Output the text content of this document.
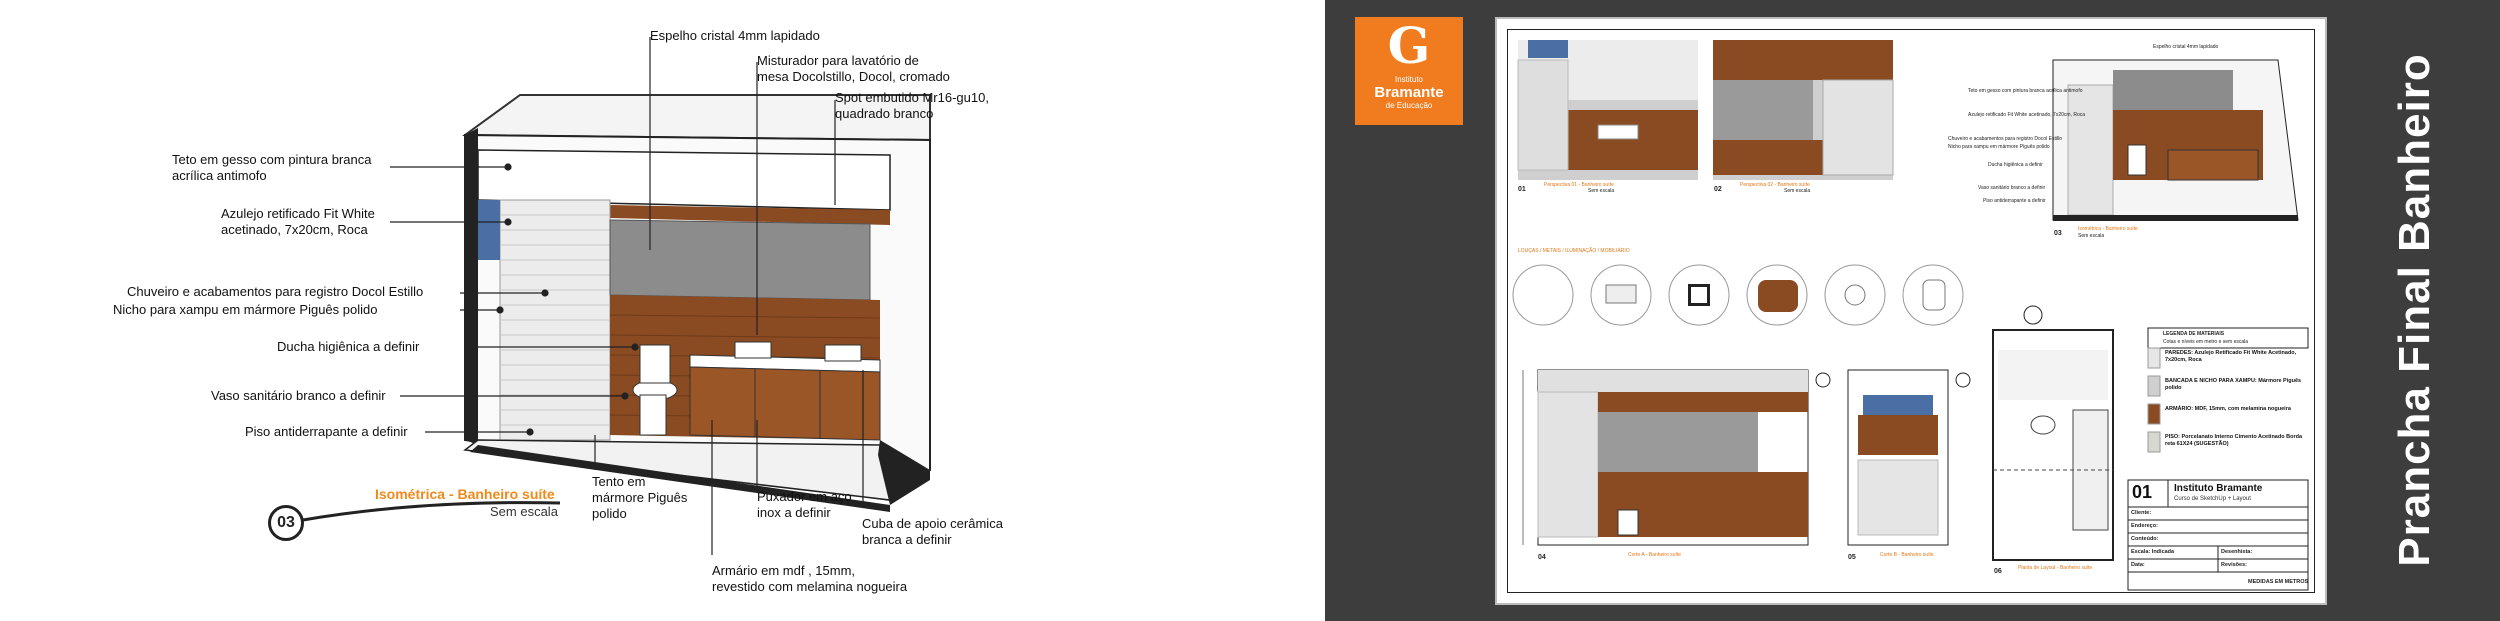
Espelho cristal 4mm lapidado
Misturador para lavatório de
mesa Docolstillo, Docol, cromado
Spot embutido Mr16-gu10,
quadrado branco
Teto em gesso com pintura branca
acrílica antimofo
Azulejo retificado Fit White
acetinado, 7x20cm, Roca
Chuveiro e acabamentos para registro Docol Estillo
Nicho para xampu em mármore Piguês polido
Ducha higiênica a definir
Vaso sanitário branco a definir
Piso antiderrapante a definir
Tento em
mármore Piguês
polido
Puxador em aço
inox a definir
Cuba de apoio cerâmica
branca a definir
Armário em mdf , 15mm,
revestido com melamina nogueira
Isométrica - Banheiro suíte
Sem escala
03
G
Instituto
Bramante
de Educação
Perspectiva 01 - Banheiro suíte
Sem escala
01
Perspectiva 02 - Banheiro suíte
Sem escala
02
Isométrica - Banheiro suíte
Sem escala
03
Espelho cristal 4mm lapidado
Teto em gesso com pintura branca acrílica antimofo
Azulejo retificado Fit White acetinado, 7x20cm, Roca
Chuveiro e acabamentos para registro Docol Estillo
Nicho para xampu em mármore Piguês polido
Ducha higiênica a definir
Vaso sanitário branco a definir
Piso antiderrapante a definir
LOUÇAS / METAIS / ILUMINAÇÃO / MOBILIÁRIO
Corte A - Banheiro suíte
04	Corte B - Banheiro suíte
05
Planta de Layout - Banheiro suíte
06
LEGENDA DE MATERIAIS
Cotas e níveis em metro e sem escala
PAREDES: Azulejo Retificado Fit White Acetinado, 7x20cm, Roca
BANCADA E NICHO PARA XAMPU: Mármore Piguês polido
ARMÁRIO: MDF, 15mm, com melamina nogueira
PISO: Porcelanato Interno Cimento Acetinado Borda reta 61X24 (SUGESTÃO)
01 Instituto Bramante
Curso de SketchUp + Layout
Cliente:
Endereço:
Conteúdo:
Escala: Indicada
Data:
Desenhista:
Revisões:
MEDIDAS EM METROS
Prancha Final Banheiro
